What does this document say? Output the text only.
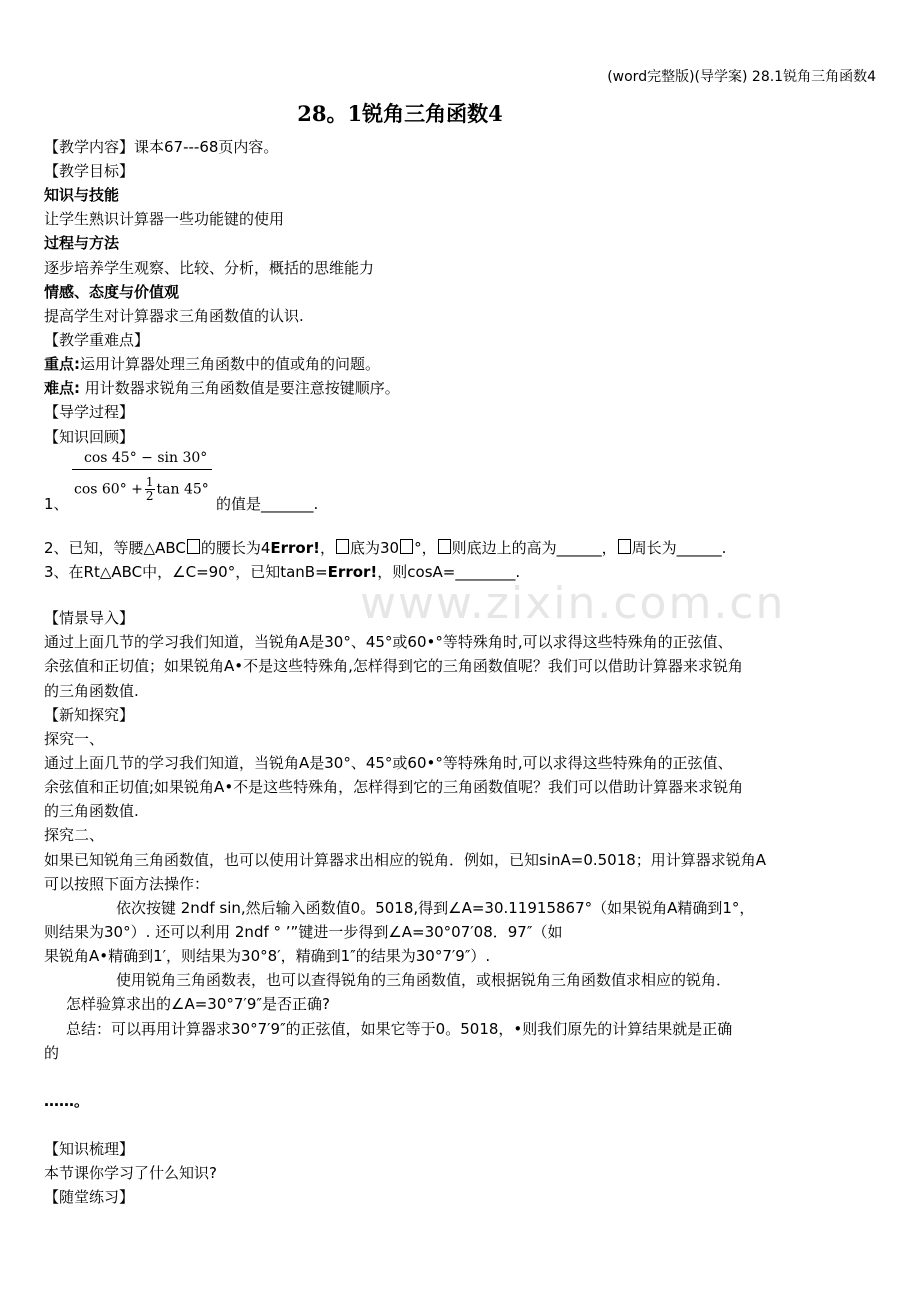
www.zixin.com.cn
(word完整版)(导学案) 28.1锐角三角函数4
28。1锐角三角函数4
【教学内容】课本67---68页内容。
【教学目标】
知识与技能
让学生熟识计算器一些功能键的使用
过程与方法
逐步培养学生观察、比较、分析，概括的思维能力
情感、态度与价值观
提高学生对计算器求三角函数值的认识.
【教学重难点】
重点:运用计算器处理三角函数中的值或角的问题。
难点: 用计数器求锐角三角函数值是要注意按键顺序。
【导学过程】
【知识回顾】
cos 45° − sin 30°
$\cos 60^\circ + \frac{1}{2}$ tan 45°
1、	的值是_______.
2、已知，等腰△ABC 的腰长为4Error!， 底为30 °， 则底边上的高为______， 周长为______.
3、在Rt△ABC中，∠C=90°，已知tanB=Error!，则cosA=________.
【情景导入】
通过上面几节的学习我们知道，当锐角A是30°、45°或60•°等特殊角时,可以求得这些特殊角的正弦值、
余弦值和正切值；如果锐角A•不是这些特殊角,怎样得到它的三角函数值呢？我们可以借助计算器来求锐角
的三角函数值.
【新知探究】
探究一、
通过上面几节的学习我们知道，当锐角A是30°、45°或60•°等特殊角时,可以求得这些特殊角的正弦值、
余弦值和正切值;如果锐角A•不是这些特殊角，怎样得到它的三角函数值呢？我们可以借助计算器来求锐角
的三角函数值.
探究二、
如果已知锐角三角函数值，也可以使用计算器求出相应的锐角．例如，已知sinA=0.5018；用计算器求锐角A
可以按照下面方法操作：
依次按键 2ndf sin,然后输入函数值0。5018,得到∠A=30.11915867°（如果锐角A精确到1°，
则结果为30°）. 还可以利用 2ndf ° ’”键进一步得到∠A=30°07′08．97″（如
果锐角A•精确到1′，则结果为30°8′，精确到1″的结果为30°7′9″）.
使用锐角三角函数表，也可以查得锐角的三角函数值，或根据锐角三角函数值求相应的锐角．
怎样验算求出的∠A=30°7′9″是否正确?
总结：可以再用计算器求30°7′9″的正弦值，如果它等于0。5018，•则我们原先的计算结果就是正确
的
……。
【知识梳理】
本节课你学习了什么知识?
【随堂练习】
